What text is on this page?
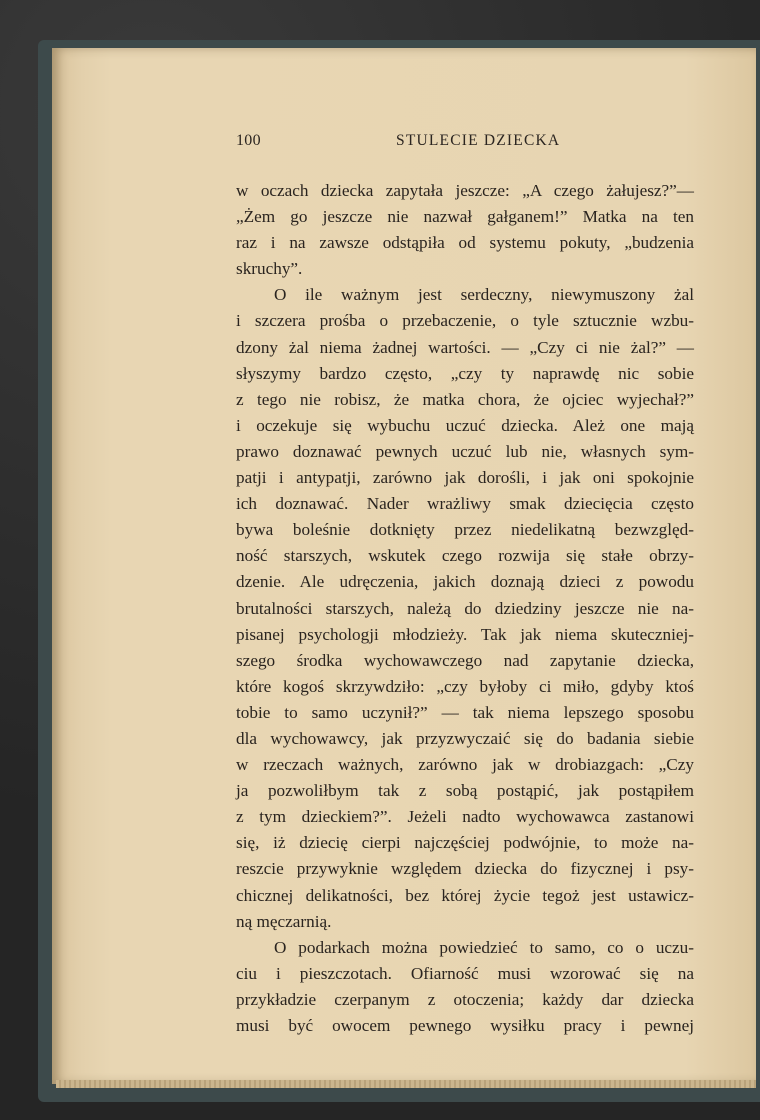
100	STULECIE DZIECKA
w oczach dziecka zapytała jeszcze: „A czego żałujesz?”—
„Żem go jeszcze nie nazwał gałganem!” Matka na ten
raz i na zawsze odstąpiła od systemu pokuty, „budzenia
skruchy”.
O ile ważnym jest serdeczny, niewymuszony żal
i szczera prośba o przebaczenie, o tyle sztucznie wzbu-
dzony żal niema żadnej wartości. — „Czy ci nie żal?” —
słyszymy bardzo często, „czy ty naprawdę nic sobie
z tego nie robisz, że matka chora, że ojciec wyjechał?”
i oczekuje się wybuchu uczuć dziecka. Ależ one mają
prawo doznawać pewnych uczuć lub nie, własnych sym-
patji i antypatji, zarówno jak dorośli, i jak oni spokojnie
ich doznawać. Nader wrażliwy smak dziecięcia często
bywa boleśnie dotknięty przez niedelikatną bezwzględ-
ność starszych, wskutek czego rozwija się stałe obrzy-
dzenie. Ale udręczenia, jakich doznają dzieci z powodu
brutalności starszych, należą do dziedziny jeszcze nie na-
pisanej psychologji młodzieży. Tak jak niema skuteczniej-
szego środka wychowawczego nad zapytanie dziecka,
które kogoś skrzywdziło: „czy byłoby ci miło, gdyby ktoś
tobie to samo uczynił?” — tak niema lepszego sposobu
dla wychowawcy, jak przyzwyczaić się do badania siebie
w rzeczach ważnych, zarówno jak w drobiazgach: „Czy
ja pozwoliłbym tak z sobą postąpić, jak postąpiłem
z tym dzieckiem?”. Jeżeli nadto wychowawca zastanowi
się, iż dziecię cierpi najczęściej podwójnie, to może na-
reszcie przywyknie względem dziecka do fizycznej i psy-
chicznej delikatności, bez której życie tegoż jest ustawicz-
ną męczarnią.
O podarkach można powiedzieć to samo, co o uczu-
ciu i pieszczotach. Ofiarność musi wzorować się na
przykładzie czerpanym z otoczenia; każdy dar dziecka
musi być owocem pewnego wysiłku pracy i pewnej
